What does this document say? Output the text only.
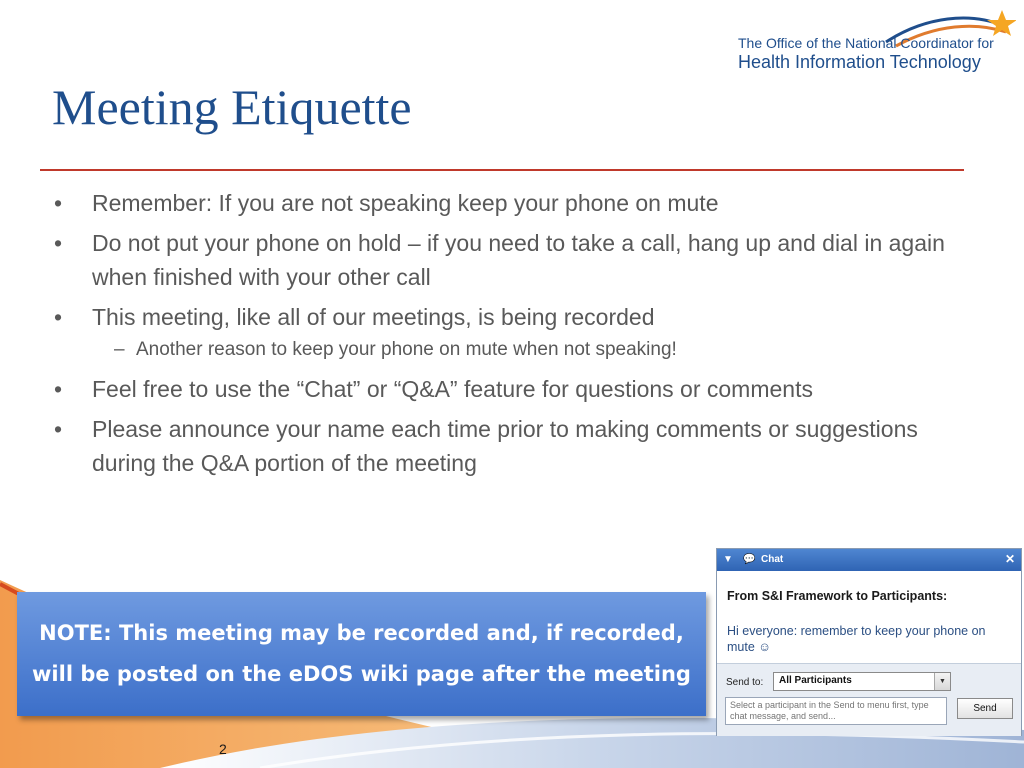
The Office of the National Coordinator for
Health Information Technology
Meeting Etiquette
• Remember: If you are not speaking keep your phone on mute
• Do not put your phone on hold – if you need to take a call, hang up and dial in again when finished with your other call
• This meeting, like all of our meetings, is being recorded
– Another reason to keep your phone on mute when not speaking!
• Feel free to use the “Chat” or “Q&A” feature for questions or comments
• Please announce your name each time prior to making comments or suggestions during the Q&A portion of the meeting
NOTE: This meeting may be recorded and, if recorded, will be posted on the eDOS wiki page after the meeting
2
▼ 💬 Chat	✕
From S&I Framework to Participants:
Hi everyone: remember to keep your phone on mute ☺
Send to: All Participants	▼
Select a participant in the Send to menu first, type chat message, and send...
Send
